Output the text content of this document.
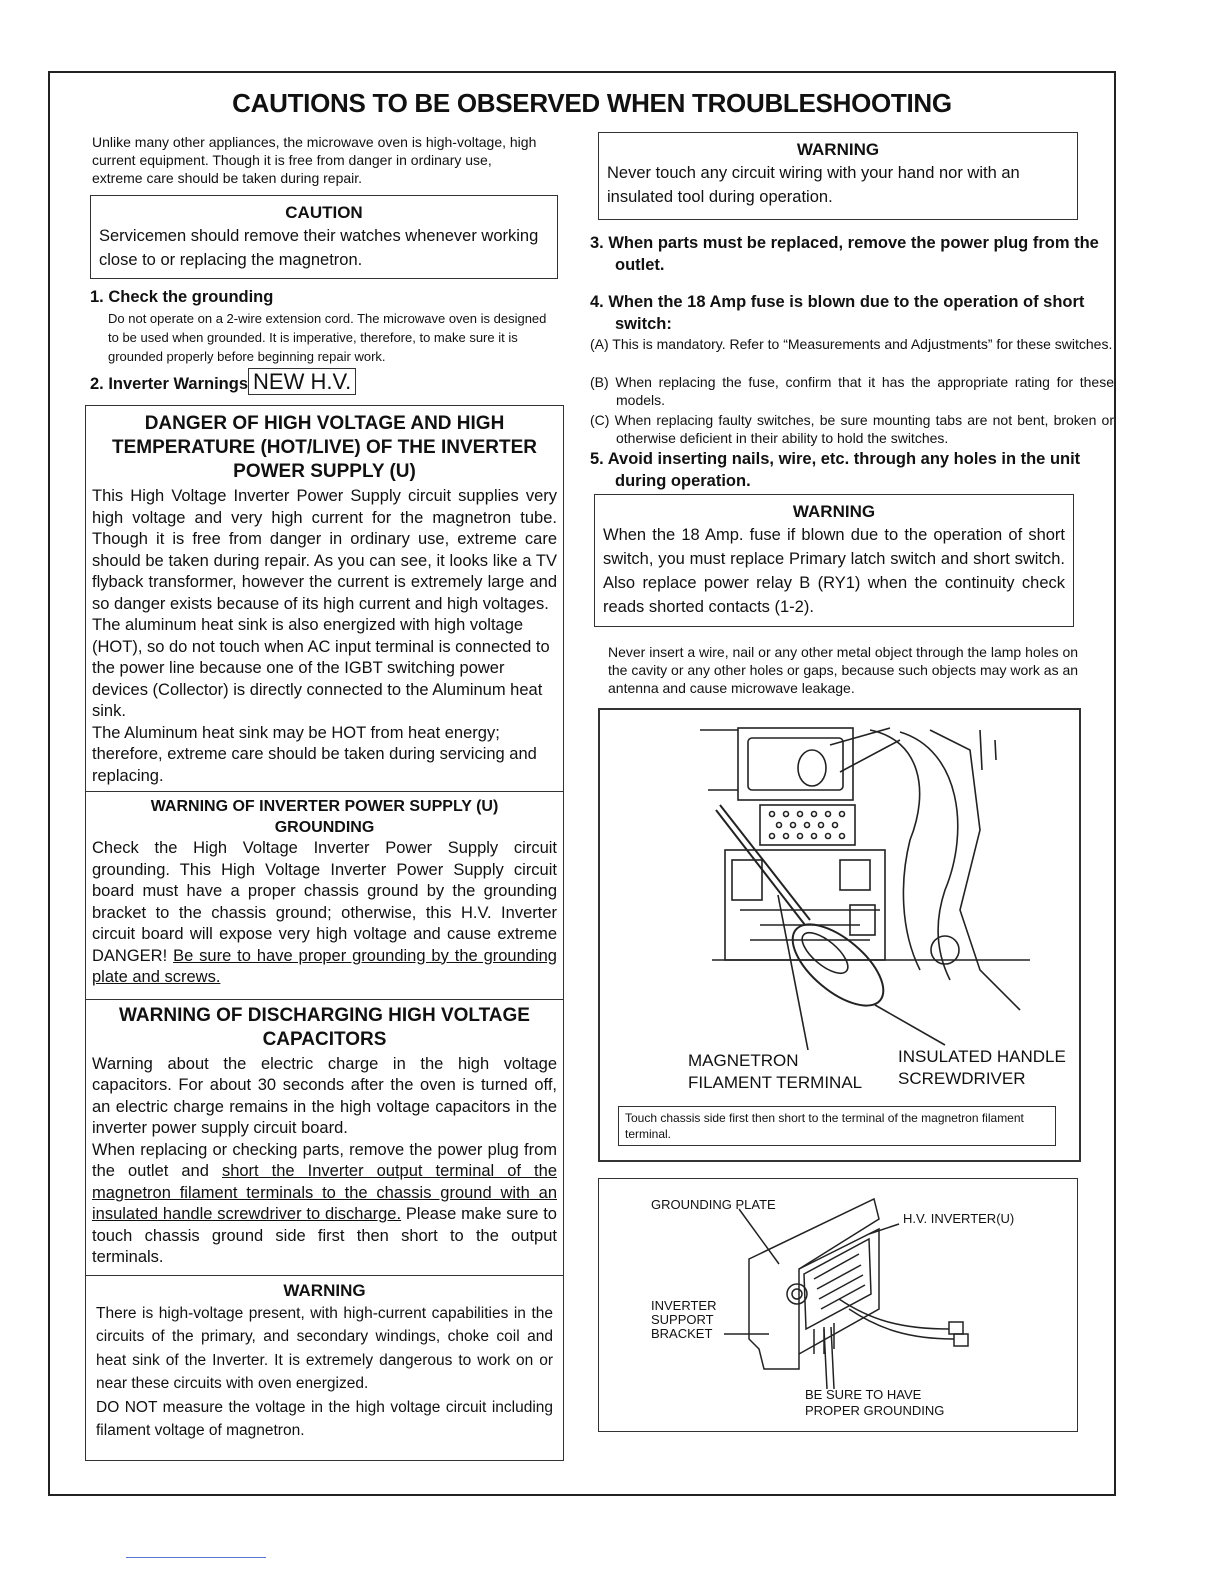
CAUTIONS TO BE OBSERVED WHEN TROUBLESHOOTING
Unlike many other appliances, the microwave oven is high-voltage, high current equipment. Though it is free from danger in ordinary use, extreme care should be taken during repair.
CAUTION
Servicemen should remove their watches whenever working close to or replacing the magnetron.
1. Check the grounding
Do not operate on a 2-wire extension cord. The microwave oven is designed to be used when grounded. It is imperative, therefore, to make sure it is grounded properly before beginning repair work.
2. Inverter Warnings NEW H.V.
DANGER OF HIGH VOLTAGE AND HIGH TEMPERATURE (HOT/LIVE) OF THE INVERTER POWER SUPPLY (U)
This High Voltage Inverter Power Supply circuit supplies very high voltage and very high current for the magnetron tube. Though it is free from danger in ordinary use, extreme care should be taken during repair. As you can see, it looks like a TV flyback transformer, however the current is extremely large and so danger exists because of its high current and high voltages.
The aluminum heat sink is also energized with high voltage (HOT), so do not touch when AC input terminal is connected to the power line because one of the IGBT switching power devices (Collector) is directly connected to the Aluminum heat sink.
The Aluminum heat sink may be HOT from heat energy; therefore, extreme care should be taken during servicing and replacing.
WARNING OF INVERTER POWER SUPPLY (U)
GROUNDING
Check the High Voltage Inverter Power Supply circuit grounding. This High Voltage Inverter Power Supply circuit board must have a proper chassis ground by the grounding bracket to the chassis ground; otherwise, this H.V. Inverter circuit board will expose very high voltage and cause extreme DANGER! Be sure to have proper grounding by the grounding plate and screws.
WARNING OF DISCHARGING HIGH VOLTAGE CAPACITORS
Warning about the electric charge in the high voltage capacitors. For about 30 seconds after the oven is turned off, an electric charge remains in the high voltage capacitors in the inverter power supply circuit board.
When replacing or checking parts, remove the power plug from the outlet and short the Inverter output terminal of the magnetron filament terminals to the chassis ground with an insulated handle screwdriver to discharge. Please make sure to touch chassis ground side first then short to the output terminals.
WARNING
There is high-voltage present, with high-current capabilities in the circuits of the primary, and secondary windings, choke coil and heat sink of the Inverter. It is extremely dangerous to work on or near these circuits with oven energized.
DO NOT measure the voltage in the high voltage circuit including filament voltage of magnetron.
WARNING
Never touch any circuit wiring with your hand nor with an insulated tool during operation.
3. When parts must be replaced, remove the power plug from the outlet.
4. When the 18 Amp fuse is blown due to the operation of short switch:
(A) This is mandatory. Refer to “Measurements and Adjustments” for these switches.
(B) When replacing the fuse, confirm that it has the appropriate rating for these models.
(C) When replacing faulty switches, be sure mounting tabs are not bent, broken or otherwise deficient in their ability to hold the switches.
5. Avoid inserting nails, wire, etc. through any holes in the unit during operation.
WARNING
When the 18 Amp. fuse if blown due to the operation of short switch, you must replace Primary latch switch and short switch. Also replace power relay B (RY1) when the continuity check reads shorted contacts (1-2).
Never insert a wire, nail or any other metal object through the lamp holes on the cavity or any other holes or gaps, because such objects may work as an antenna and cause microwave leakage.
MAGNETRON
FILAMENT TERMINAL
INSULATED HANDLE
SCREWDRIVER
Touch chassis side first then short to the terminal of the magnetron filament terminal.
GROUNDING PLATE
H.V. INVERTER(U)
INVERTER
SUPPORT
BRACKET
BE SURE TO HAVE
PROPER GROUNDING
